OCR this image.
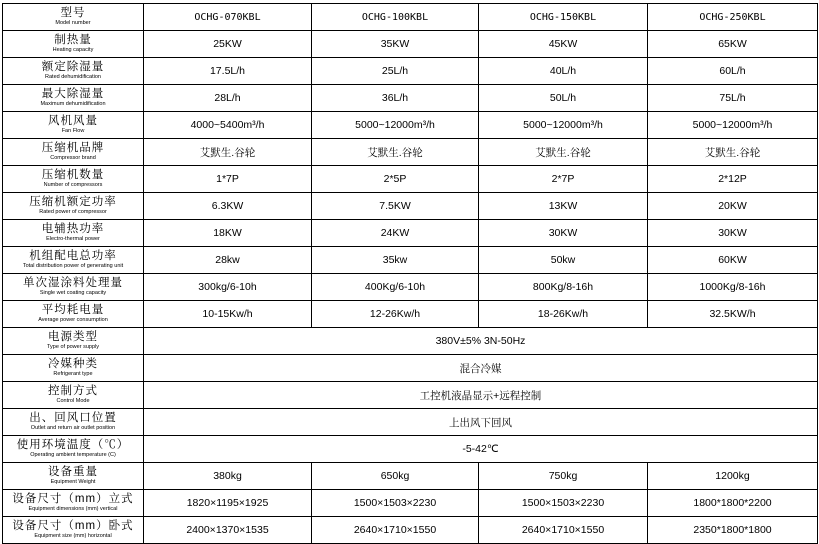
型号
Model number	OCHG-070KBL	OCHG-100KBL	OCHG-150KBL	OCHG-250KBL

制热量
Heating capacity	25KW	35KW	45KW	65KW

额定除湿量
Rated dehumidification	17.5L/h	25L/h	40L/h	60L/h

最大除湿量
Maximum dehumidification	28L/h	36L/h	50L/h	75L/h

风机风量
Fan Flow	4000~5400m³/h	5000~12000m³/h	5000~12000m³/h	5000~12000m³/h

压缩机品牌
Compressor brand	艾默生.谷轮	艾默生.谷轮	艾默生.谷轮	艾默生.谷轮

压缩机数量
Number of compressors	1*7P	2*5P	2*7P	2*12P

压缩机额定功率
Rated power of compressor	6.3KW	7.5KW	13KW	20KW

电辅热功率
Electro-thermal power	18KW	24KW	30KW	30KW

机组配电总功率
Total distribution power of generating unit	28kw	35kw	50kw	60KW

单次湿涂料处理量
Single wet coating capacity	300kg/6-10h	400Kg/6-10h	800Kg/8-16h	1000Kg/8-16h

平均耗电量
Average power consumption	10-15Kw/h	12-26Kw/h	18-26Kw/h	32.5KW/h

电源类型
Type of power supply	380V±5% 3N-50Hz			

冷媒种类
Refrigerant type	混合冷媒			

控制方式
Control Mode	工控机液晶显示+远程控制			

出、回风口位置
Outlet and return air outlet position	上出风下回风			

使用环境温度（℃）
Operating ambient temperature (C)	-5-42℃			

设备重量
Equipment Weight	380kg	650kg	750kg	1200kg

设备尺寸（mm）立式
Equipment dimensions (mm) vertical	1820×1195×1925	1500×1503×2230	1500×1503×2230	1800*1800*2200

设备尺寸（mm）卧式
Equipment size (mm) horizontal	2400×1370×1535	2640×1710×1550	2640×1710×1550	2350*1800*1800
